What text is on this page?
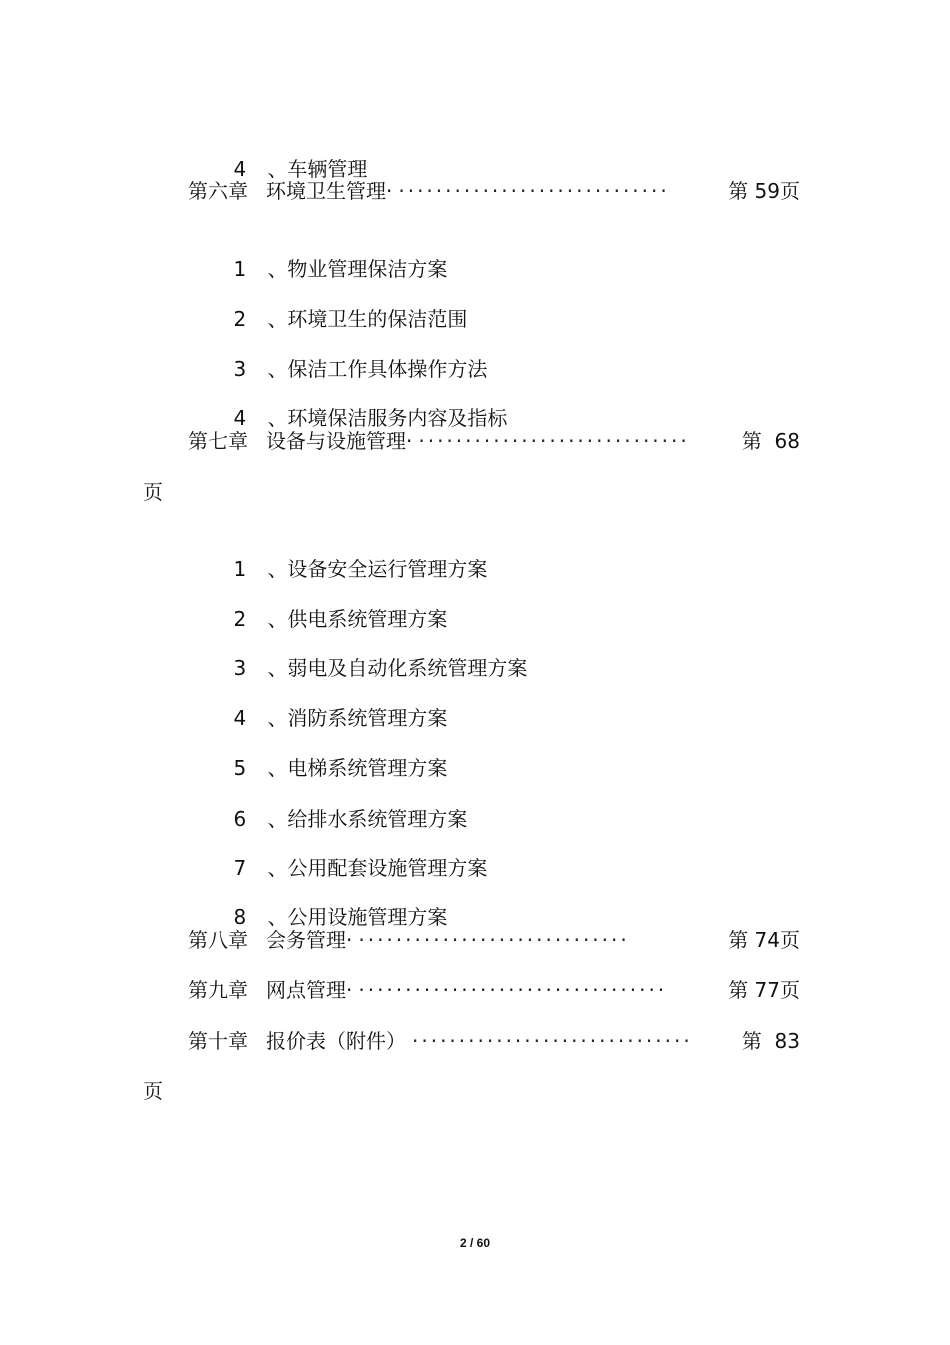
4 、车辆管理

第六章 环境卫生管理· ·····························	第 59页

1 、物业管理保洁方案

2 、环境卫生的保洁范围

3 、保洁工作具体操作方法

4 、环境保洁服务内容及指标

第七章 设备与设施管理· ·····························	第  68
页

1 、设备安全运行管理方案

2 、供电系统管理方案

3 、弱电及自动化系统管理方案

4 、消防系统管理方案

5 、电梯系统管理方案

6 、给排水系统管理方案

7 、公用配套设施管理方案

8 、公用设施管理方案

第八章 会务管理· ·····························	第 74页
第九章 网点管理· ·································	第 77页
第十章 报价表（附件） ······························	第  83
页
2 / 60
